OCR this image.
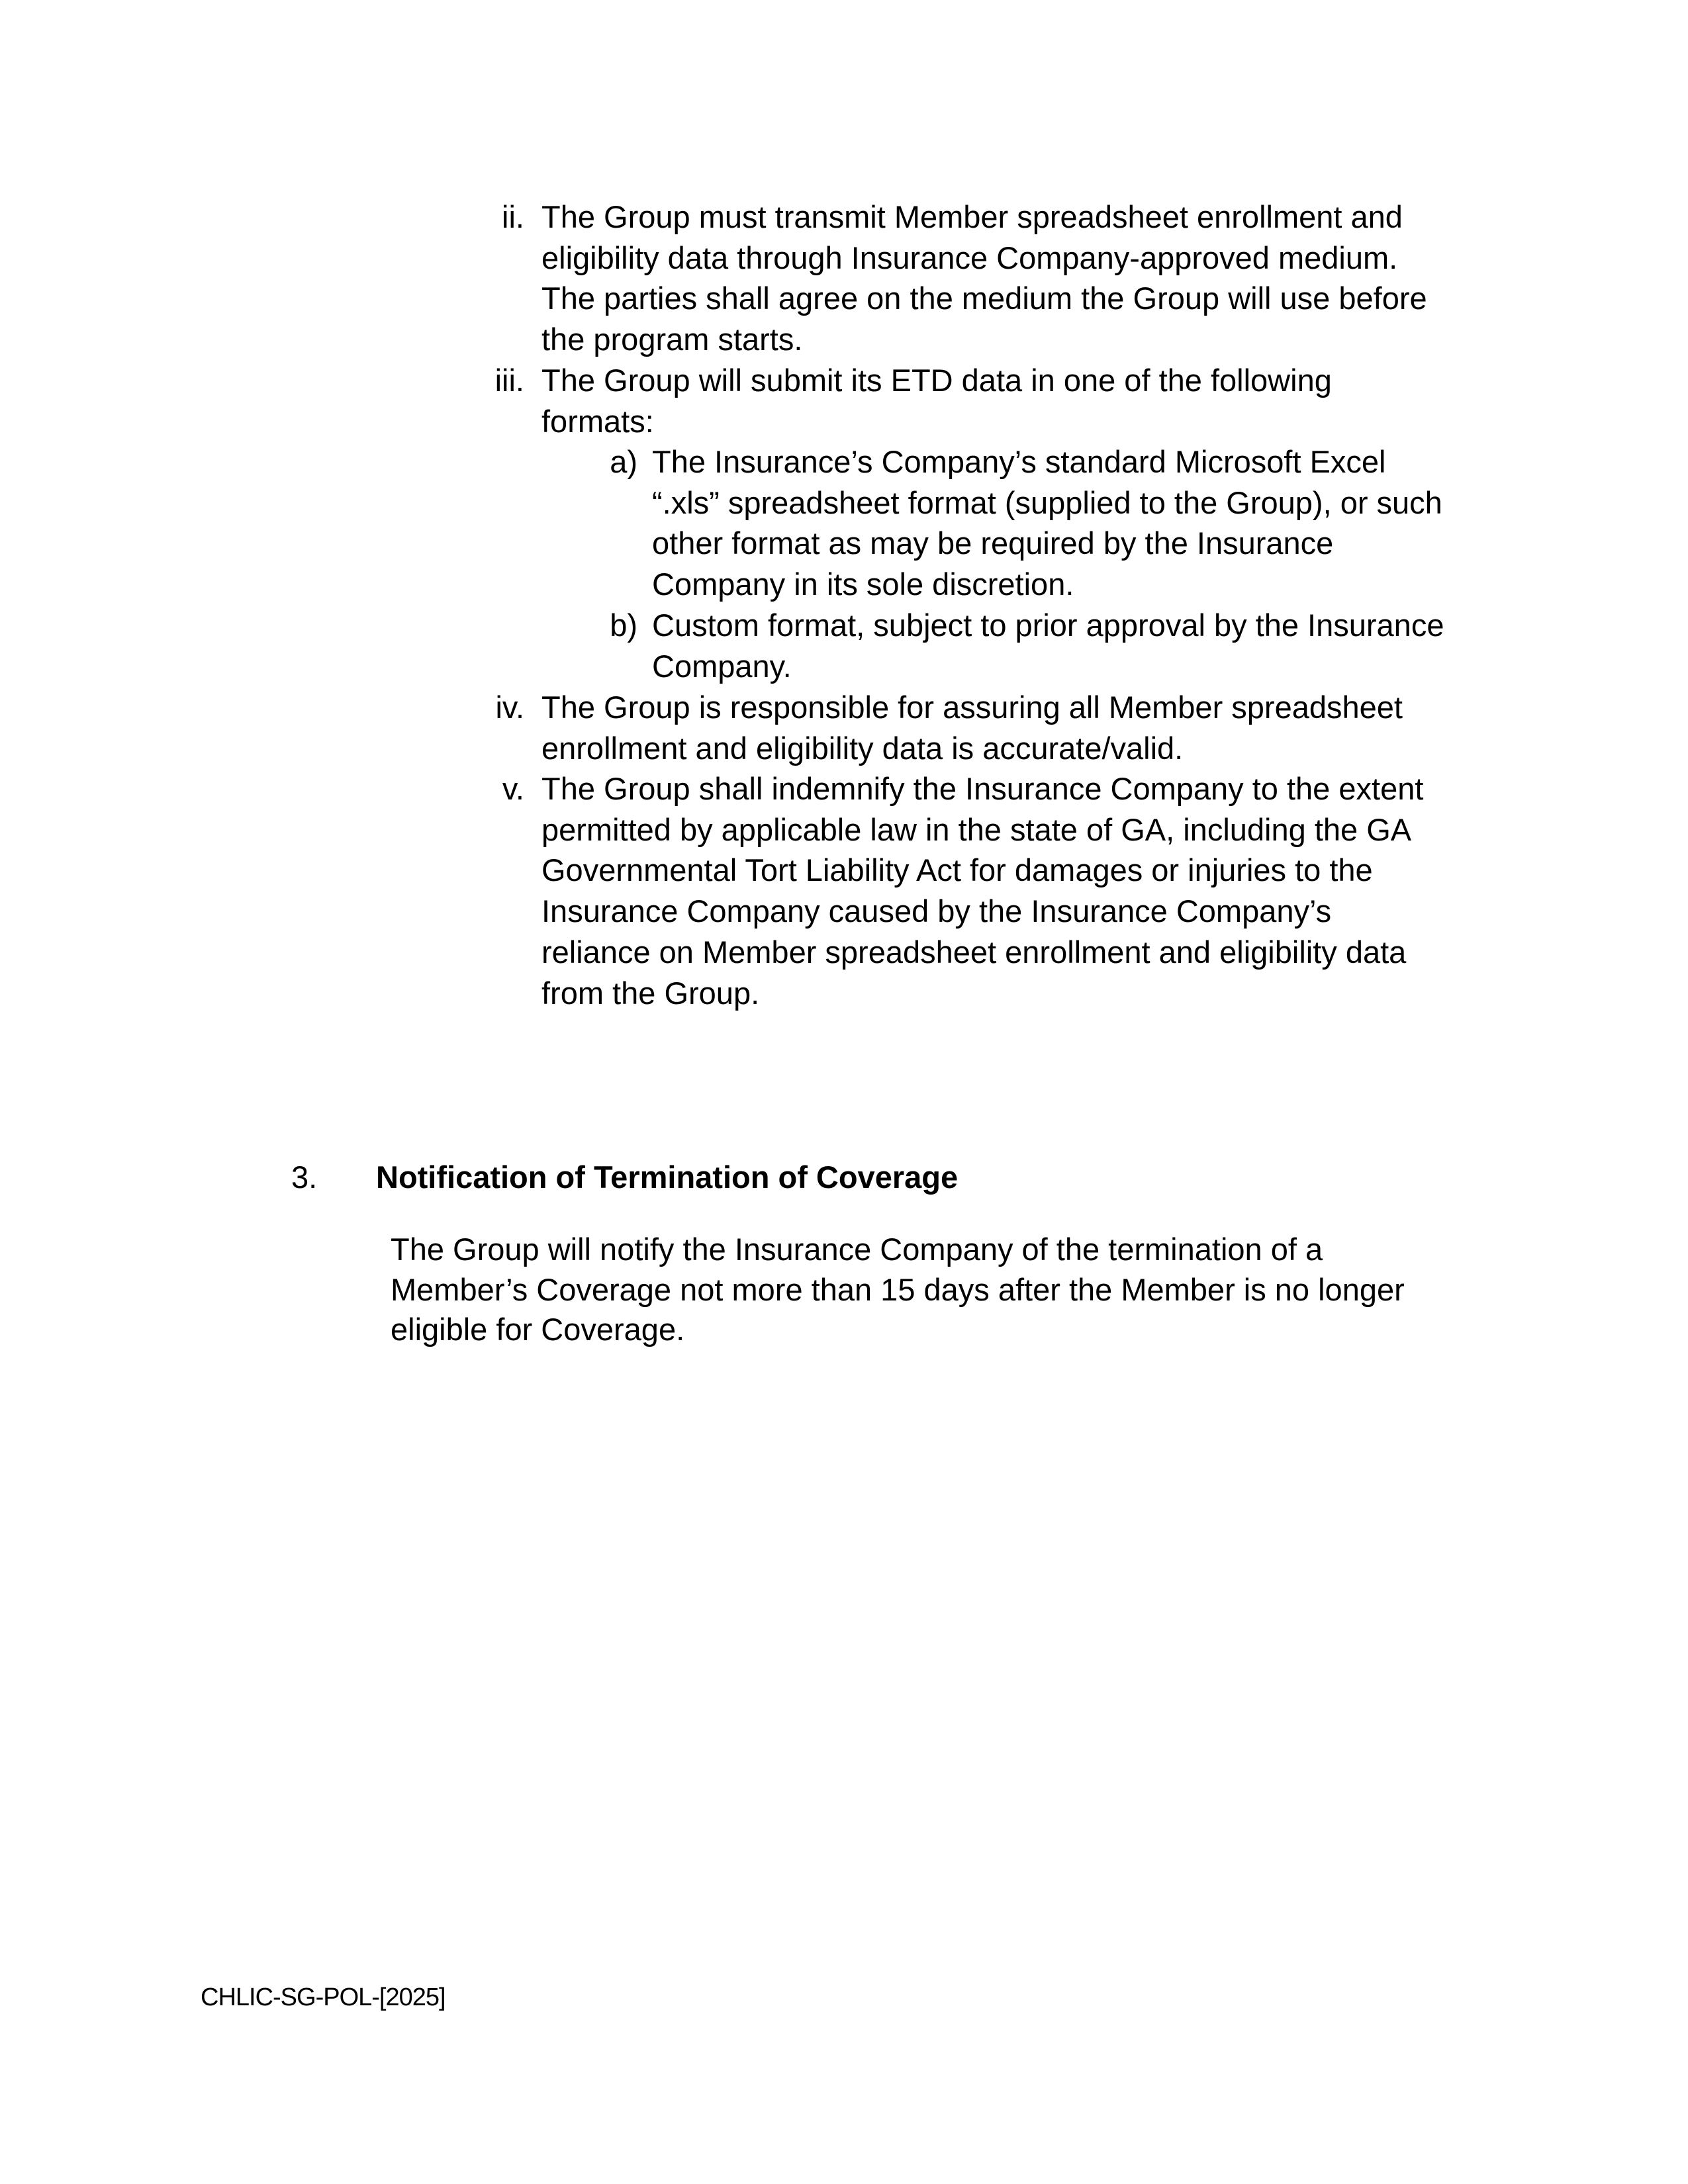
ii. The Group must transmit Member spreadsheet enrollment and
eligibility data through Insurance Company-approved medium.
The parties shall agree on the medium the Group will use before
the program starts.
iii. The Group will submit its ETD data in one of the following
formats:
a) The Insurance’s Company’s standard Microsoft Excel
“.xls” spreadsheet format (supplied to the Group), or such
other format as may be required by the Insurance
Company in its sole discretion.
b) Custom format, subject to prior approval by the Insurance
Company.
iv. The Group is responsible for assuring all Member spreadsheet
enrollment and eligibility data is accurate/valid.
v. The Group shall indemnify the Insurance Company to the extent
permitted by applicable law in the state of GA, including the GA
Governmental Tort Liability Act for damages or injuries to the
Insurance Company caused by the Insurance Company’s
reliance on Member spreadsheet enrollment and eligibility data
from the Group.
3. Notification of Termination of Coverage
The Group will notify the Insurance Company of the termination of a
Member’s Coverage not more than 15 days after the Member is no longer
eligible for Coverage.
CHLIC-SG-POL-[2025]
